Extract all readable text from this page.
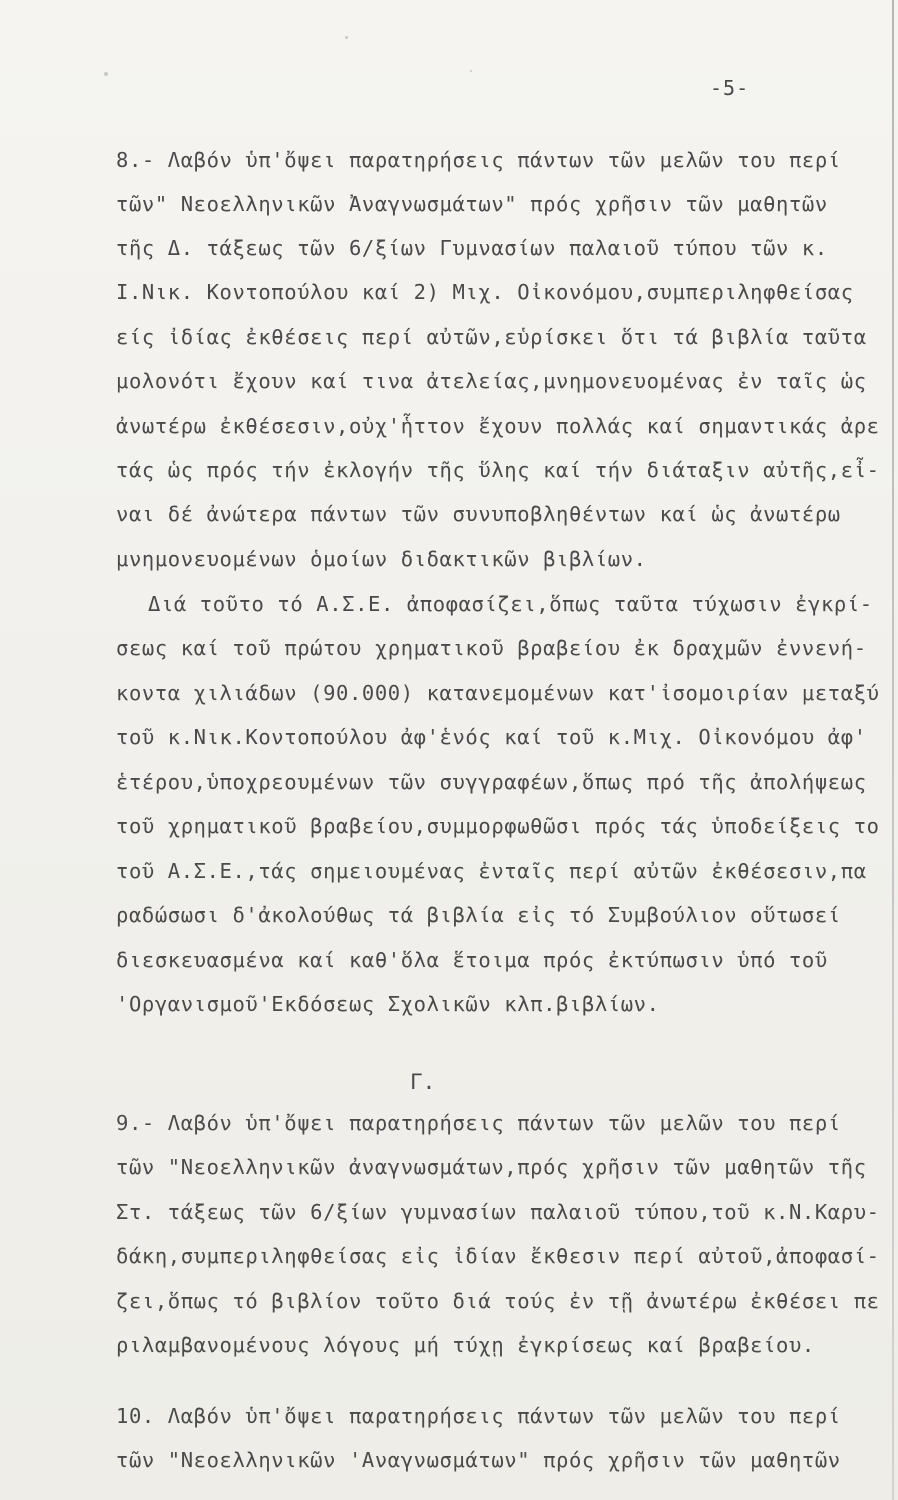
-5-
8.- Λαβόν ὑπ'ὄψει παρατηρήσεις πάντων τῶν μελῶν του περί
τῶν" Νεοελληνικῶν Ἀναγνωσμάτων" πρός χρῆσιν τῶν μαθητῶν
τῆς Δ. τάξεως τῶν 6/ξίων Γυμνασίων παλαιοῦ τύπου τῶν κ.
Ι.Νικ. Κοντοπούλου καί 2) Μιχ. Οἰκονόμου,συμπεριληφθείσας
είς ἰδίας ἐκθέσεις περί αὐτῶν,εὑρίσκει ὅτι τά βιβλία ταῦτα
μολονότι ἔχουν καί τινα ἀτελείας,μνημονευομένας ἐν ταῖς ὡς
ἀνωτέρω ἐκθέσεσιν,οὐχ'ἧττον ἔχουν πολλάς καί σημαντικάς ἀρε
τάς ὡς πρός τήν ἐκλογήν τῆς ὕλης καί τήν διάταξιν αὐτῆς,εἶ-
ναι δέ ἀνώτερα πάντων τῶν συνυποβληθέντων καί ὡς ἀνωτέρω
μνημονευομένων ὁμοίων διδακτικῶν βιβλίων.
Διά τοῦτο τό Α.Σ.Ε. ἀποφασίζει,ὅπως ταῦτα τύχωσιν ἐγκρί-
σεως καί τοῦ πρώτου χρηματικοῦ βραβείου ἐκ δραχμῶν ἐννενή-
κοντα χιλιάδων (90.000) κατανεμομένων κατ'ἰσομοιρίαν μεταξύ
τοῦ κ.Νικ.Κοντοπούλου ἀφ'ἑνός καί τοῦ κ.Μιχ. Οἰκονόμου ἀφ'
ἑτέρου,ὑποχρεουμένων τῶν συγγραφέων,ὅπως πρό τῆς ἀπολήψεως
τοῦ χρηματικοῦ βραβείου,συμμορφωθῶσι πρός τάς ὑποδείξεις το
τοῦ Α.Σ.Ε.,τάς σημειουμένας ἐνταῖς περί αὐτῶν ἐκθέσεσιν,πα
ραδώσωσι δ'ἀκολούθως τά βιβλία εἰς τό Συμβούλιον οὕτωσεί
διεσκευασμένα καί καθ'ὅλα ἕτοιμα πρός ἐκτύπωσιν ὑπό τοῦ
'Οργανισμοῦ'Εκδόσεως Σχολικῶν κλπ.βιβλίων.
Γ.
9.- Λαβόν ὑπ'ὄψει παρατηρήσεις πάντων τῶν μελῶν του περί
τῶν "Νεοελληνικῶν ἀναγνωσμάτων,πρός χρῆσιν τῶν μαθητῶν τῆς
Στ. τάξεως τῶν 6/ξίων γυμνασίων παλαιοῦ τύπου,τοῦ κ.Ν.Καρυ-
δάκη,συμπεριληφθείσας εἰς ἰδίαν ἔκθεσιν περί αὐτοῦ,ἀποφασί-
ζει,ὅπως τό βιβλίον τοῦτο διά τούς ἐν τῇ ἀνωτέρω ἐκθέσει πε
ριλαμβανομένους λόγους μή τύχῃ ἐγκρίσεως καί βραβείου.
10. Λαβόν ὑπ'ὄψει παρατηρήσεις πάντων τῶν μελῶν του περί
τῶν "Νεοελληνικῶν 'Αναγνωσμάτων" πρός χρῆσιν τῶν μαθητῶν
